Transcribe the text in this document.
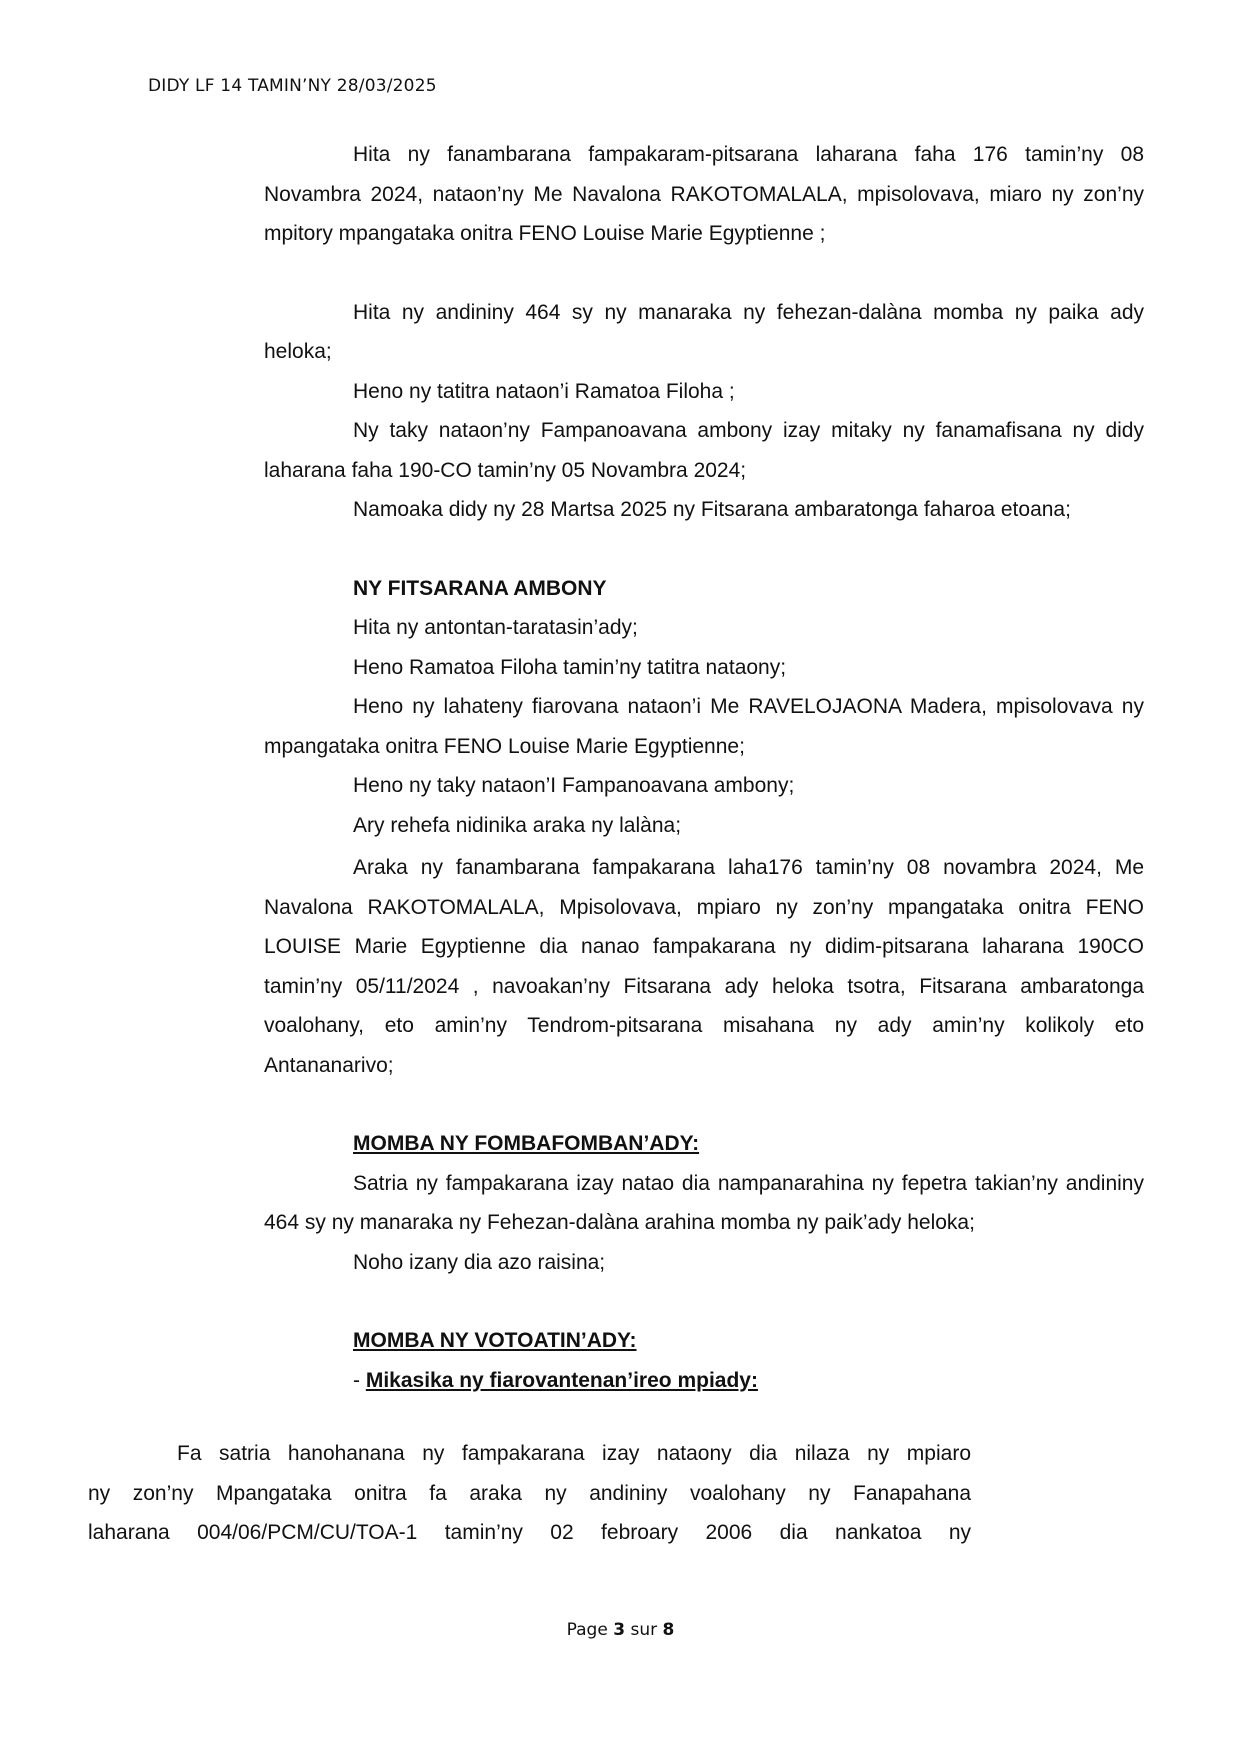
DIDY LF 14 TAMIN’NY 28/03/2025

Hita ny fanambarana fampakaram-pitsarana laharana faha 176 tamin’ny 08 Novambra 2024, nataon’ny Me Navalona RAKOTOMALALA, mpisolovava, miaro ny zon’ny mpitory mpangataka onitra FENO Louise Marie Egyptienne ;

Hita ny andininy 464 sy ny manaraka ny fehezan-dalàna momba ny paika ady heloka;

Heno ny tatitra nataon’i Ramatoa Filoha ;

Ny taky nataon’ny Fampanoavana ambony izay mitaky ny fanamafisana ny didy laharana faha 190-CO tamin’ny 05 Novambra 2024;

Namoaka didy ny 28 Martsa 2025 ny Fitsarana ambaratonga faharoa etoana;

NY FITSARANA AMBONY

Hita ny antontan-taratasin’ady;

Heno Ramatoa Filoha tamin’ny tatitra nataony;

Heno ny lahateny fiarovana nataon’i Me RAVELOJAONA Madera, mpisolovava ny mpangataka onitra FENO Louise Marie Egyptienne;

Heno ny taky nataon’I Fampanoavana ambony;

Ary rehefa nidinika araka ny lalàna;

Araka ny fanambarana fampakarana laha176 tamin’ny 08 novambra 2024, Me Navalona RAKOTOMALALA, Mpisolovava, mpiaro ny zon’ny mpangataka onitra FENO LOUISE Marie Egyptienne dia nanao fampakarana ny didim-pitsarana laharana 190CO tamin’ny 05/11/2024 , navoakan’ny Fitsarana ady heloka tsotra, Fitsarana ambaratonga voalohany, eto amin’ny Tendrom-pitsarana misahana ny ady amin’ny kolikoly eto Antananarivo;

MOMBA NY FOMBAFOMBAN’ADY:

Satria ny fampakarana izay natao dia nampanarahina ny fepetra takian’ny andininy 464 sy ny manaraka ny Fehezan-dalàna arahina momba ny paik’ady heloka;

Noho izany dia azo raisina;

MOMBA NY VOTOATIN’ADY:

- Mikasika ny fiarovantenan’ireo mpiady:

Fa satria hanohanana ny fampakarana izay nataony dia nilaza ny mpiaro

ny zon’ny Mpangataka onitra fa araka ny andininy voalohany ny Fanapahana

laharana 004/06/PCM/CU/TOA-1 tamin’ny 02 febroary 2006 dia nankatoa ny

Page 3 sur 8
